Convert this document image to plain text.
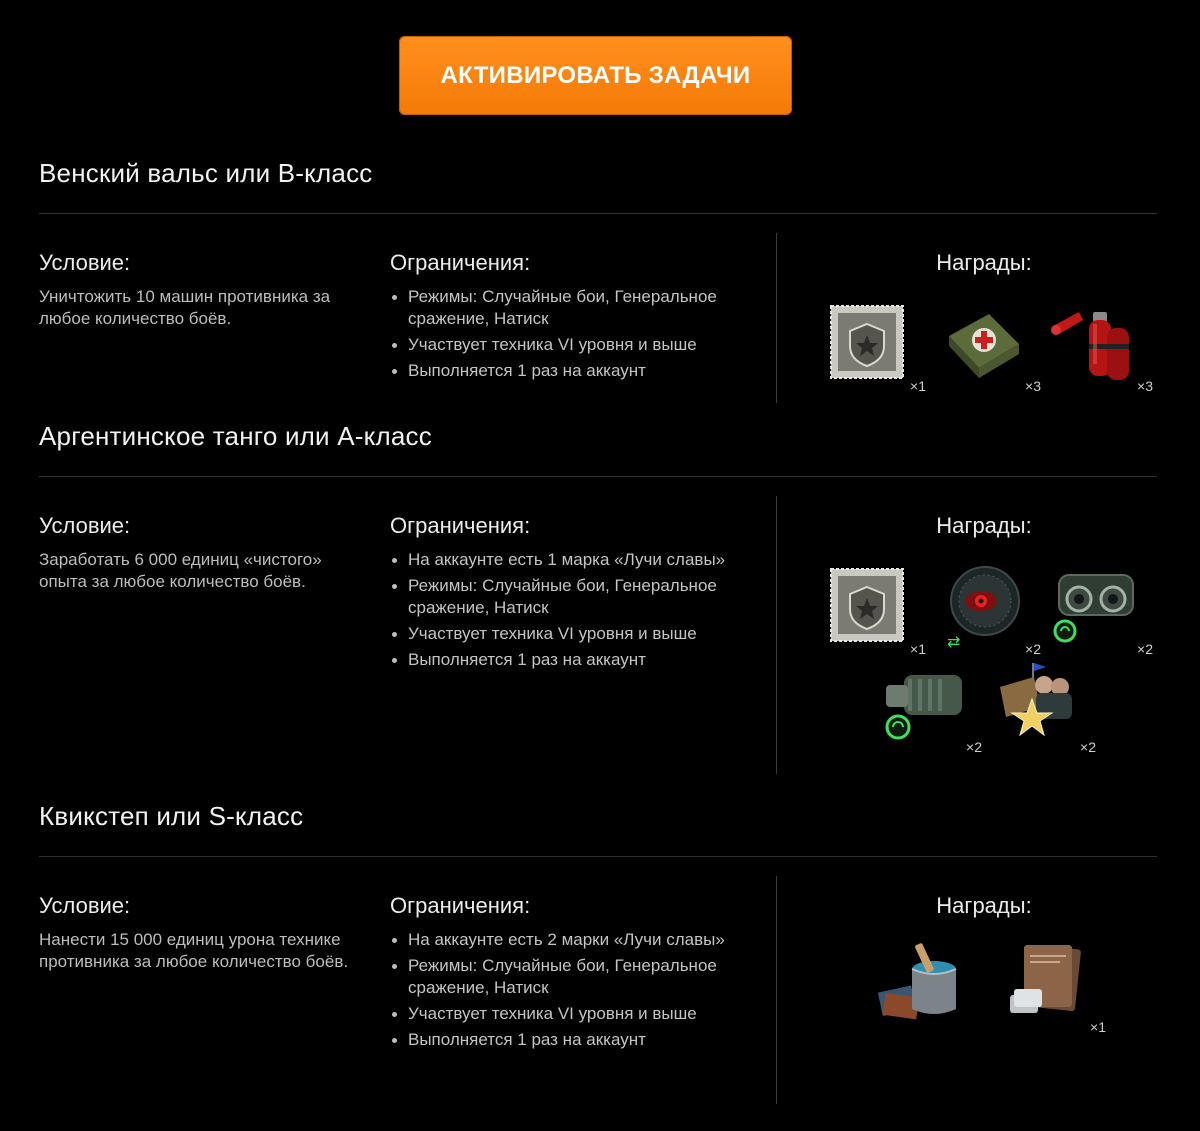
АКТИВИРОВАТЬ ЗАДАЧИ
Венский вальс или B-класс
Условие:

Уничтожить 10 машин противника за любое количество боёв.

Ограничения:
Режимы: Случайные бои, Генеральное сражение, Натиск
Участвует техника VI уровня и выше
Выполняется 1 раз на аккаунт
Награды:
×1	×3	×3
Аргентинское танго или A-класс
Условие:

Заработать 6 000 единиц «чистого» опыта за любое количество боёв.

Ограничения:
На аккаунте есть 1 марка «Лучи славы»
Режимы: Случайные бои, Генеральное сражение, Натиск
Участвует техника VI уровня и выше
Выполняется 1 раз на аккаунт
Награды:
×1 ⇄	×2	×2
×2	×2
Квикстеп или S-класс
Условие:

Нанести 15 000 единиц урона технике противника за любое количество боёв.

Ограничения:
На аккаунте есть 2 марки «Лучи славы»
Режимы: Случайные бои, Генеральное сражение, Натиск
Участвует техника VI уровня и выше
Выполняется 1 раз на аккаунт
Награды:
×1
